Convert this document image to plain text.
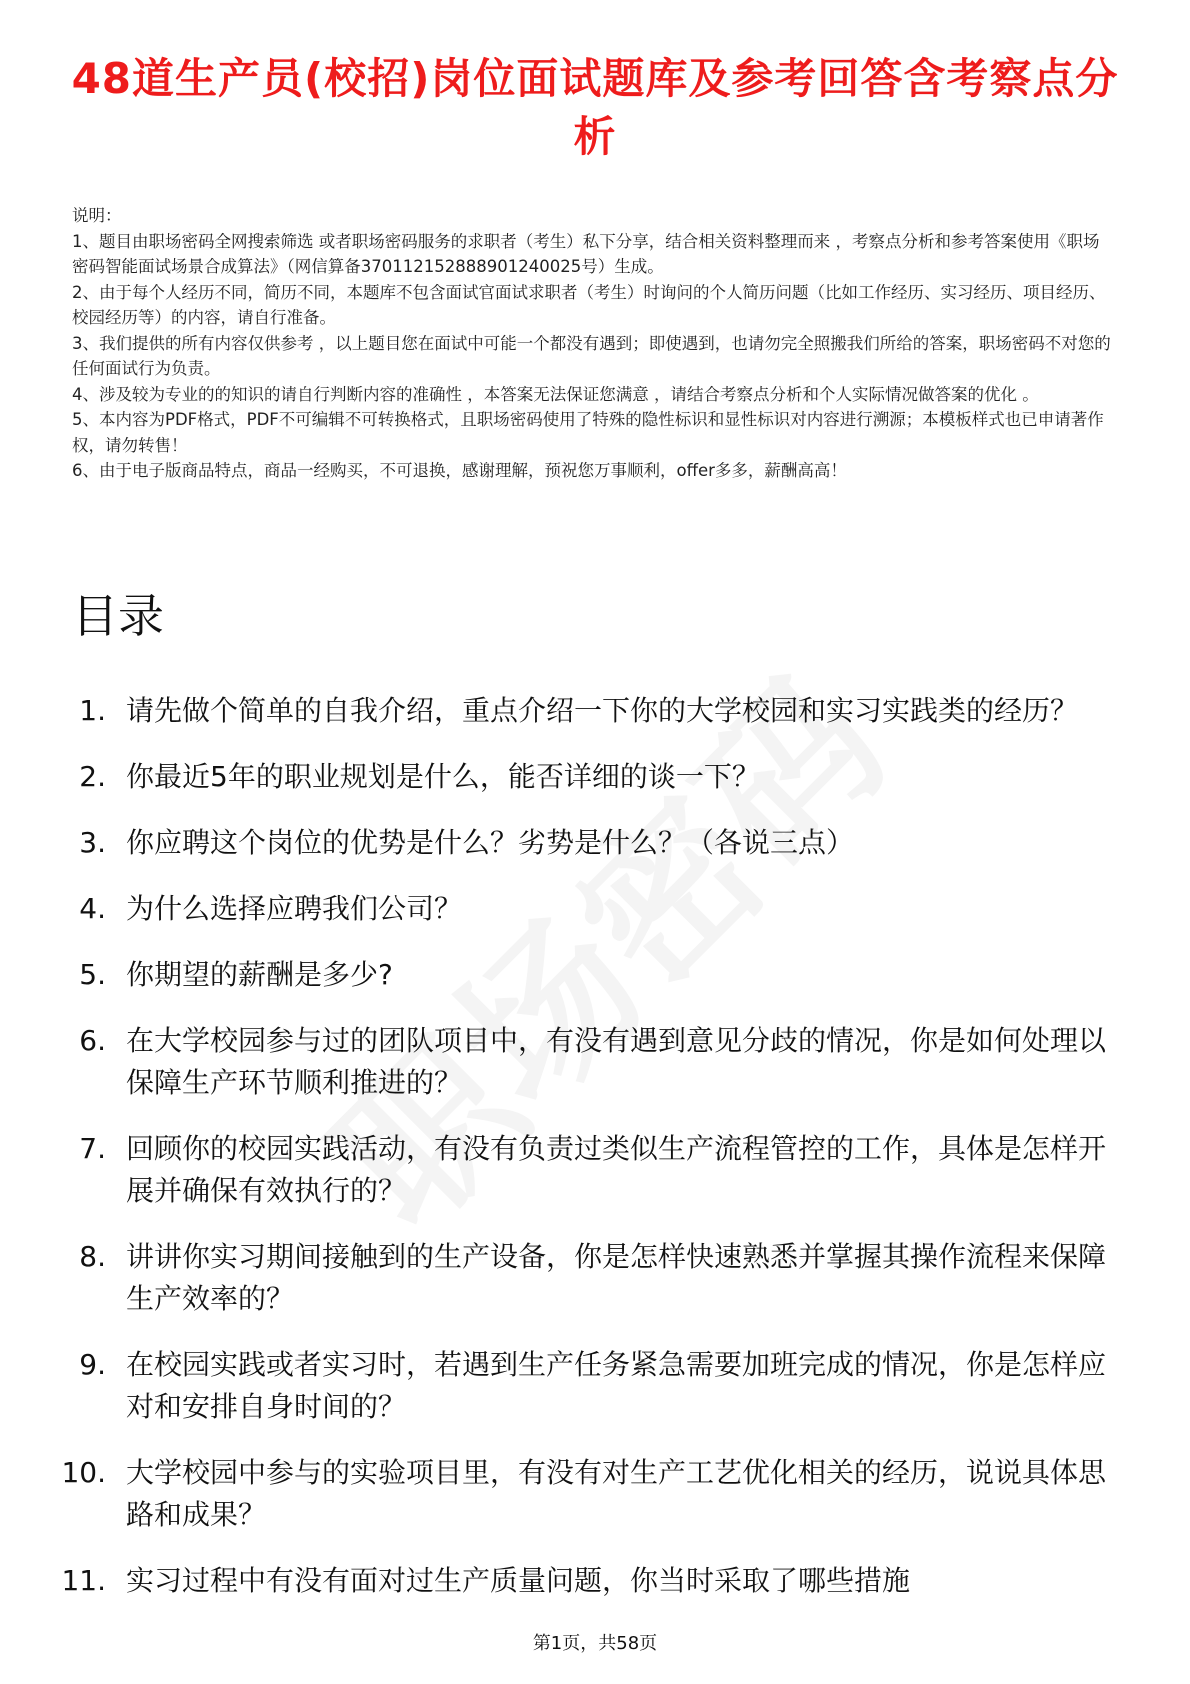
48道生产员(校招)岗位面试题库及参考回答含考察点分析

说明：

1、题目由职场密码全网搜索筛选 或者职场密码服务的求职者（考生）私下分享，结合相关资料整理而来 ，考察点分析和参考答案使用《职场密码智能面试场景合成算法》（网信算备370112152888901240025号）生成。

2、由于每个人经历不同，简历不同，本题库不包含面试官面试求职者（考生）时询问的个人简历问题（比如工作经历、实习经历、项目经历、校园经历等）的内容，请自行准备。

3、我们提供的所有内容仅供参考 ，以上题目您在面试中可能一个都没有遇到；即使遇到，也请勿完全照搬我们所给的答案，职场密码不对您的任何面试行为负责。

4、涉及较为专业的的知识的请自行判断内容的准确性 ，本答案无法保证您满意 ，请结合考察点分析和个人实际情况做答案的优化 。

5、本内容为PDF格式，PDF不可编辑不可转换格式，且职场密码使用了特殊的隐性标识和显性标识对内容进行溯源；本模板样式也已申请著作权，请勿转售！

6、由于电子版商品特点，商品一经购买，不可退换，感谢理解，预祝您万事顺利，offer多多，薪酬高高！

目录
1. 请先做个简单的自我介绍，重点介绍一下你的大学校园和实习实践类的经历？
2. 你最近5年的职业规划是什么，能否详细的谈一下？
3. 你应聘这个岗位的优势是什么？劣势是什么？（各说三点）
4. 为什么选择应聘我们公司？
5. 你期望的薪酬是多少?
6. 在大学校园参与过的团队项目中，有没有遇到意见分歧的情况，你是如何处理以保障生产环节顺利推进的？
7. 回顾你的校园实践活动，有没有负责过类似生产流程管控的工作，具体是怎样开展并确保有效执行的？
8. 讲讲你实习期间接触到的生产设备，你是怎样快速熟悉并掌握其操作流程来保障生产效率的？
9. 在校园实践或者实习时，若遇到生产任务紧急需要加班完成的情况，你是怎样应对和安排自身时间的？
10. 大学校园中参与的实验项目里，有没有对生产工艺优化相关的经历，说说具体思路和成果？
11. 实习过程中有没有面对过生产质量问题，你当时采取了哪些措施
第1页，共58页
